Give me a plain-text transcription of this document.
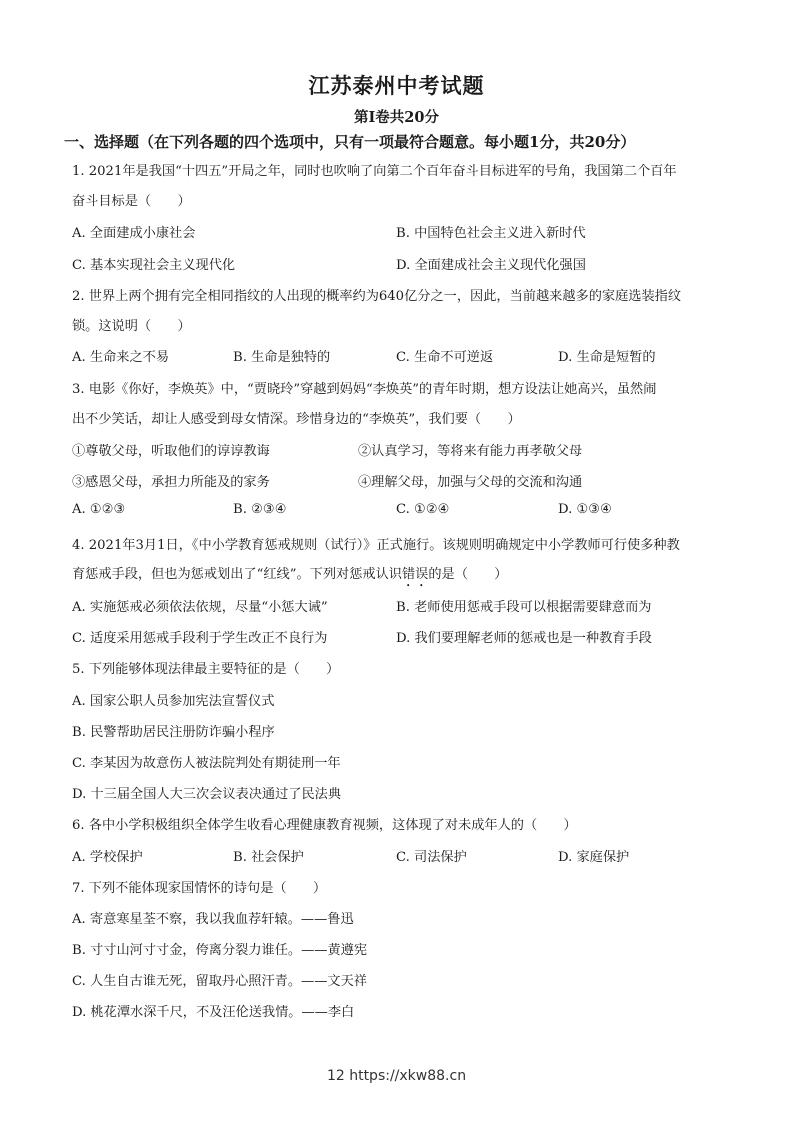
江苏泰州中考试题
第Ⅰ卷共20分
一、选择题（在下列各题的四个选项中，只有一项最符合题意。每小题1分，共20分）
1. 2021年是我国“十四五”开局之年，同时也吹响了向第二个百年奋斗目标进军的号角，我国第二个百年
奋斗目标是（　　）
A. 全面建成小康社会	B. 中国特色社会主义进入新时代
C. 基本实现社会主义现代化	D. 全面建成社会主义现代化强国
2. 世界上两个拥有完全相同指纹的人出现的概率约为640亿分之一，因此，当前越来越多的家庭选装指纹
锁。这说明（　　）
A. 生命来之不易	B. 生命是独特的	C. 生命不可逆返	D. 生命是短暂的
3. 电影《你好，李焕英》中，“贾晓玲”穿越到妈妈“李焕英”的青年时期，想方设法让她高兴，虽然闹
出不少笑话，却让人感受到母女情深。珍惜身边的“李焕英”，我们要（　　）
①尊敬父母，听取他们的谆谆教诲	②认真学习，等将来有能力再孝敬父母
③感恩父母，承担力所能及的家务	④理解父母，加强与父母的交流和沟通
A. ①②③	B. ②③④	C. ①②④	D. ①③④
4. 2021年3月1日，《中小学教育惩戒规则（试行）》正式施行。该规则明确规定中小学教师可行使多种教
育惩戒手段，但也为惩戒划出了“红线”。下列对惩戒认识错误的是（　　）
A. 实施惩戒必须依法依规，尽量“小惩大诫”	B. 老师使用惩戒手段可以根据需要肆意而为
C. 适度采用惩戒手段利于学生改正不良行为	D. 我们要理解老师的惩戒也是一种教育手段
5. 下列能够体现法律最主要特征的是（　　）
A. 国家公职人员参加宪法宣誓仪式
B. 民警帮助居民注册防诈骗小程序
C. 李某因为故意伤人被法院判处有期徒刑一年
D. 十三届全国人大三次会议表决通过了民法典
6. 各中小学积极组织全体学生收看心理健康教育视频，这体现了对未成年人的（　　）
A. 学校保护	B. 社会保护	C. 司法保护	D. 家庭保护
7. 下列不能体现家国情怀的诗句是（　　）
A. 寄意寒星荃不察，我以我血荐轩辕。——鲁迅
B. 寸寸山河寸寸金，侉离分裂力谁任。——黄遵宪
C. 人生自古谁无死，留取丹心照汗青。——文天祥
D. 桃花潭水深千尺，不及汪伦送我情。——李白
12 https://xkw88.cn
